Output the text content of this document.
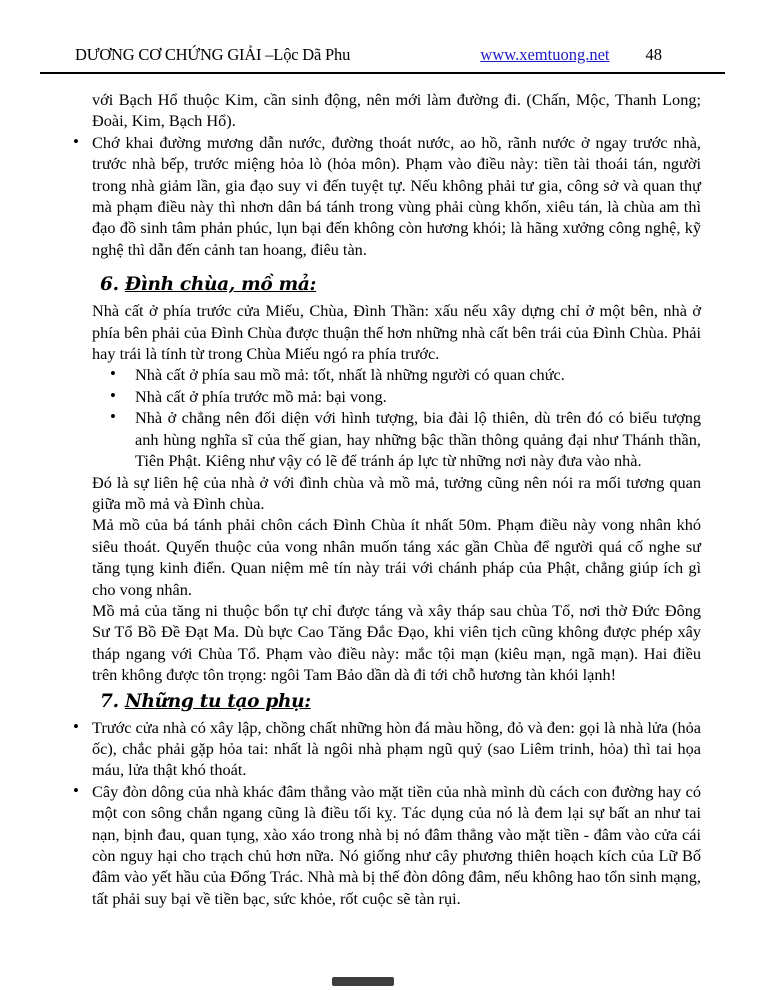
DƯƠNG CƠ CHỨNG GIẢI –Lộc Dã Phu	www.xemtuong.net 48

với Bạch Hổ thuộc Kim, cần sinh động, nên mới làm đường đi. (Chấn, Mộc, Thanh Long; Đoài, Kim, Bạch Hổ).

• Chớ khai đường mương dẫn nước, đường thoát nước, ao hồ, rãnh nước ở ngay trước nhà, trước nhà bếp, trước miệng hỏa lò (hỏa môn). Phạm vào điều này: tiền tài thoái tán, người trong nhà giảm lần, gia đạo suy vi đến tuyệt tự. Nếu không phải tư gia, công sở và quan thự mà phạm điều này thì nhơn dân bá tánh trong vùng phải cùng khốn, xiêu tán, là chùa am thì đạo đồ sinh tâm phản phúc, lụn bại đến không còn hương khói; là hãng xưởng công nghệ, kỹ nghệ thì dẫn đến cảnh tan hoang, điêu tàn.
6. Đình chùa, mồ mả:

Nhà cất ở phía trước cửa Miếu, Chùa, Đình Thần: xấu nếu xây dựng chỉ ở một bên, nhà ở phía bên phải của Đình Chùa được thuận thế hơn những nhà cất bên trái của Đình Chùa. Phải hay trái là tính từ trong Chùa Miếu ngó ra phía trước.

• Nhà cất ở phía sau mồ mả: tốt, nhất là những người có quan chức.
• Nhà cất ở phía trước mồ mả: bại vong.
• Nhà ở chẳng nên đối diện với hình tượng, bia đài lộ thiên, dù trên đó có biểu tượng anh hùng nghĩa sĩ của thế gian, hay những bậc thần thông quảng đại như Thánh thần, Tiên Phật. Kiêng như vậy có lẽ để tránh áp lực từ những nơi này đưa vào nhà.

Đó là sự liên hệ của nhà ở với đình chùa và mồ mả, tưởng cũng nên nói ra mối tương quan giữa mồ mả và Đình chùa.

Mả mồ của bá tánh phải chôn cách Đình Chùa ít nhất 50m. Phạm điều này vong nhân khó siêu thoát. Quyến thuộc của vong nhân muốn táng xác gần Chùa để người quá cố nghe sư tăng tụng kinh điển. Quan niệm mê tín này trái với chánh pháp của Phật, chẳng giúp ích gì cho vong nhân.

Mồ mả của tăng ni thuộc bổn tự chỉ được táng và xây tháp sau chùa Tổ, nơi thờ Đức Đông Sư Tổ Bồ Đề Đạt Ma. Dù bực Cao Tăng Đắc Đạo, khi viên tịch cũng không được phép xây tháp ngang với Chùa Tổ. Phạm vào điều này: mắc tội mạn (kiêu mạn, ngã mạn). Hai điều trên không được tôn trọng: ngôi Tam Bảo dần dà đi tới chỗ hương tàn khói lạnh!

7. Những tu tạo phụ:
• Trước cửa nhà có xây lập, chồng chất những hòn đá màu hồng, đỏ và đen: gọi là nhà lửa (hỏa ốc), chắc phải gặp hỏa tai: nhất là ngôi nhà phạm ngũ quỷ (sao Liêm trinh, hỏa) thì tai họa máu, lửa thật khó thoát.
• Cây đòn dông của nhà khác đâm thẳng vào mặt tiền của nhà mình dù cách con đường hay có một con sông chắn ngang cũng là điều tối kỵ. Tác dụng của nó là đem lại sự bất an như tai nạn, bịnh đau, quan tụng, xào xáo trong nhà bị nó đâm thẳng vào mặt tiền - đâm vào cửa cái còn nguy hại cho trạch chủ hơn nữa. Nó giống như cây phương thiên hoạch kích của Lữ Bố đâm vào yết hầu của Đổng Trác. Nhà mà bị thế đòn dông đâm, nếu không hao tổn sinh mạng, tất phải suy bại về tiền bạc, sức khỏe, rốt cuộc sẽ tàn rụi.
